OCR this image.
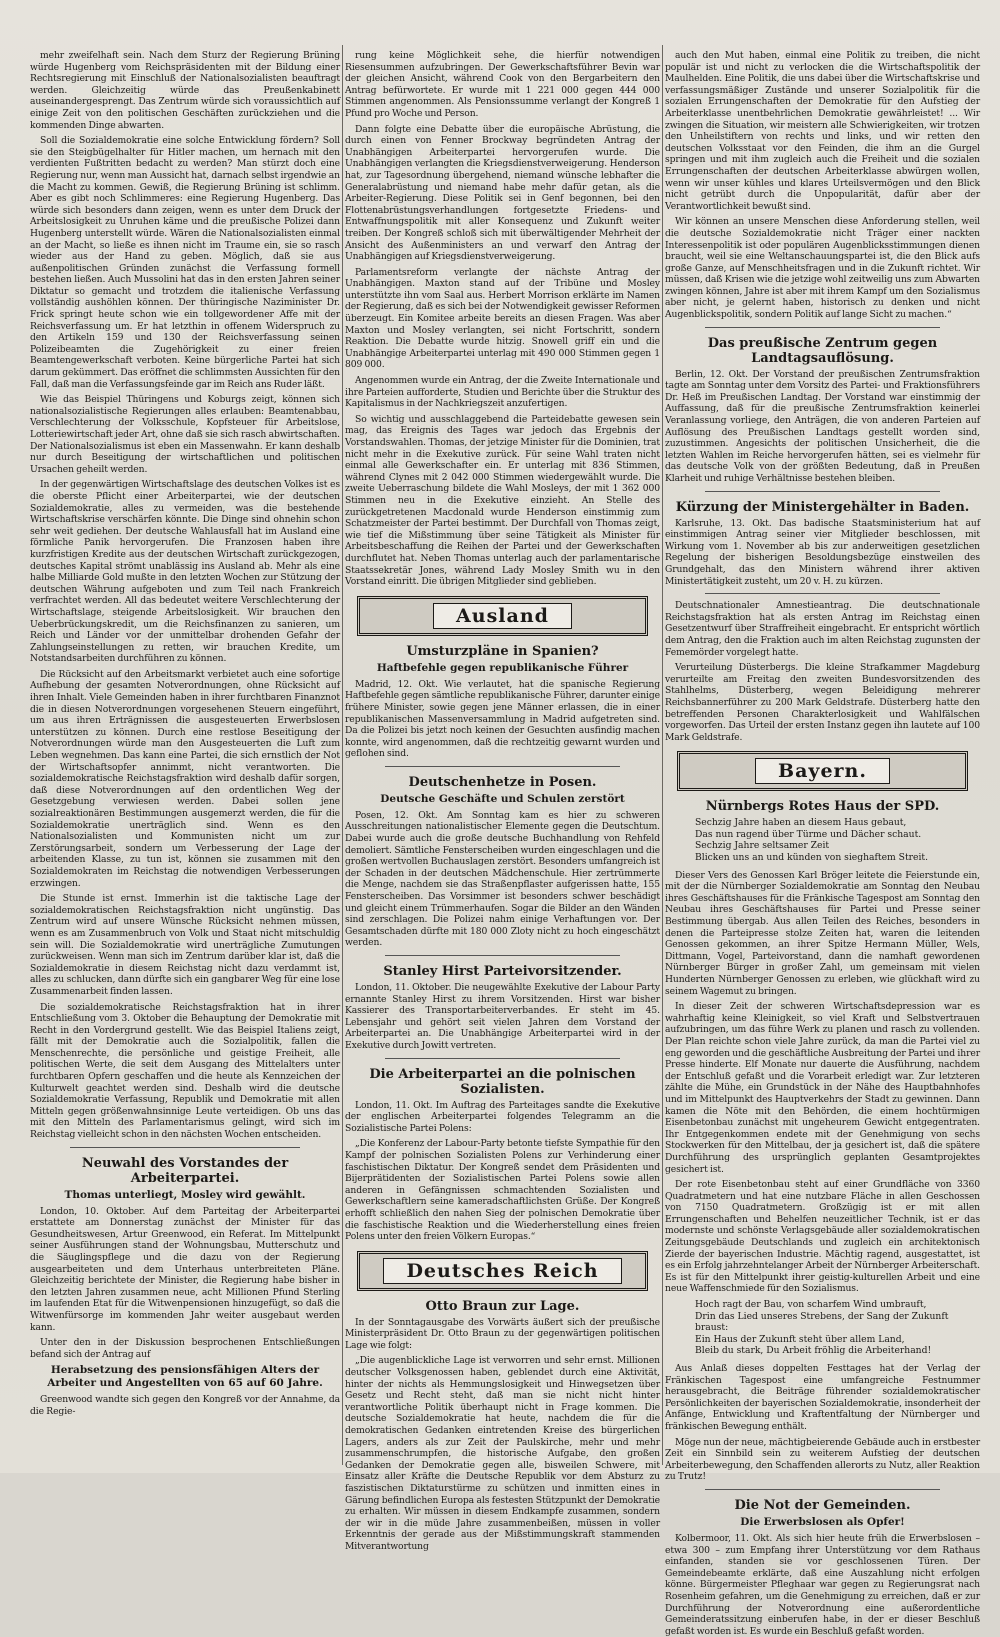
mehr zweifelhaft sein. Nach dem Sturz der Regierung Brüning würde Hugenberg vom Reichspräsidenten mit der Bildung einer Rechtsregierung mit Einschluß der Nationalsozialisten beauftragt werden. Gleichzeitig würde das Preußenkabinett auseinandergesprengt. Das Zentrum würde sich voraussichtlich auf einige Zeit von den politischen Geschäften zurückziehen und die kommenden Dinge abwarten.

Soll die Sozialdemokratie eine solche Entwicklung fördern? Soll sie den Steigbügelhalter für Hitler machen, um hernach mit den verdienten Fußtritten bedacht zu werden? Man stürzt doch eine Regierung nur, wenn man Aussicht hat, darnach selbst irgendwie an die Macht zu kommen. Gewiß, die Regierung Brüning ist schlimm. Aber es gibt noch Schlimmeres: eine Regierung Hugenberg. Das würde sich besonders dann zeigen, wenn es unter dem Druck der Arbeitslosigkeit zu Unruhen käme und die preußische Polizei dann Hugenberg unterstellt würde. Wären die Nationalsozialisten einmal an der Macht, so ließe es ihnen nicht im Traume ein, sie so rasch wieder aus der Hand zu geben. Möglich, daß sie aus außenpolitischen Gründen zunächst die Verfassung formell bestehen ließen. Auch Mussolini hat das in den ersten Jahren seiner Diktatur so gemacht und trotzdem die italienische Verfassung vollständig aushöhlen können. Der thüringische Naziminister Dr. Frick springt heute schon wie ein tollgewordener Affe mit der Reichsverfassung um. Er hat letzthin in offenem Widerspruch zu den Artikeln 159 und 130 der Reichsverfassung seinen Polizeibeamten die Zugehörigkeit zu einer freien Beamtengewerkschaft verboten. Keine bürgerliche Partei hat sich darum gekümmert. Das eröffnet die schlimmsten Aussichten für den Fall, daß man die Verfassungsfeinde gar im Reich ans Ruder läßt.

Wie das Beispiel Thüringens und Koburgs zeigt, können sich nationalsozialistische Regierungen alles erlauben: Beamtenabbau, Verschlechterung der Volksschule, Kopfsteuer für Arbeitslose, Lotteriewirtschaft jeder Art, ohne daß sie sich rasch abwirtschaften. Der Nationalsozialismus ist eben ein Massenwahn. Er kann deshalb nur durch Beseitigung der wirtschaftlichen und politischen Ursachen geheilt werden.

In der gegenwärtigen Wirtschaftslage des deutschen Volkes ist es die oberste Pflicht einer Arbeiterpartei, wie der deutschen Sozialdemokratie, alles zu vermeiden, was die bestehende Wirtschaftskrise verschärfen könnte. Die Dinge sind ohnehin schon sehr weit gediehen. Der deutsche Wahlausfall hat im Ausland eine förmliche Panik hervorgerufen. Die Franzosen haben ihre kurzfristigen Kredite aus der deutschen Wirtschaft zurückgezogen, deutsches Kapital strömt unablässig ins Ausland ab. Mehr als eine halbe Milliarde Gold mußte in den letzten Wochen zur Stützung der deutschen Währung aufgeboten und zum Teil nach Frankreich verfrachtet werden. All das bedeutet weitere Verschlechterung der Wirtschaftslage, steigende Arbeitslosigkeit. Wir brauchen den Ueberbrückungskredit, um die Reichsfinanzen zu sanieren, um Reich und Länder vor der unmittelbar drohenden Gefahr der Zahlungseinstellungen zu retten, wir brauchen Kredite, um Notstandsarbeiten durchführen zu können.

Die Rücksicht auf den Arbeitsmarkt verbietet auch eine sofortige Aufhebung der gesamten Notverordnungen, ohne Rücksicht auf ihren Inhalt. Viele Gemeinden haben in ihrer furchtbaren Finanznot die in diesen Notverordnungen vorgesehenen Steuern eingeführt, um aus ihren Erträgnissen die ausgesteuerten Erwerbslosen unterstützen zu können. Durch eine restlose Beseitigung der Notverordnungen würde man den Ausgesteuerten die Luft zum Leben wegnehmen. Das kann eine Partei, die sich ernstlich der Not der Wirtschaftsopfer annimmt, nicht verantworten. Die sozialdemokratische Reichstagsfraktion wird deshalb dafür sorgen, daß diese Notverordnungen auf den ordentlichen Weg der Gesetzgebung verwiesen werden. Dabei sollen jene sozialreaktionären Bestimmungen ausgemerzt werden, die für die Sozialdemokratie unerträglich sind. Wenn es den Nationalsozialisten und Kommunisten nicht um zur Zerstörungsarbeit, sondern um Verbesserung der Lage der arbeitenden Klasse, zu tun ist, können sie zusammen mit den Sozialdemokraten im Reichstag die notwendigen Verbesserungen erzwingen.

Die Stunde ist ernst. Immerhin ist die taktische Lage der sozialdemokratischen Reichstagsfraktion nicht ungünstig. Das Zentrum wird auf unsere Wünsche Rücksicht nehmen müssen, wenn es am Zusammenbruch von Volk und Staat nicht mitschuldig sein will. Die Sozialdemokratie wird unerträgliche Zumutungen zurückweisen. Wenn man sich im Zentrum darüber klar ist, daß die Sozialdemokratie in diesem Reichstag nicht dazu verdammt ist, alles zu schlucken, dann dürfte sich ein gangbarer Weg für eine lose Zusammenarbeit finden lassen.

Die sozialdemokratische Reichstagsfraktion hat in ihrer Entschließung vom 3. Oktober die Behauptung der Demokratie mit Recht in den Vordergrund gestellt. Wie das Beispiel Italiens zeigt, fällt mit der Demokratie auch die Sozialpolitik, fallen die Menschenrechte, die persönliche und geistige Freiheit, alle politischen Werte, die seit dem Ausgang des Mittelalters unter furchtbaren Opfern geschaffen und die heute als Kennzeichen der Kulturwelt geachtet werden sind. Deshalb wird die deutsche Sozialdemokratie Verfassung, Republik und Demokratie mit allen Mitteln gegen größenwahnsinnige Leute verteidigen. Ob uns das mit den Mitteln des Parlamentarismus gelingt, wird sich im Reichstag vielleicht schon in den nächsten Wochen entscheiden.

Neuwahl des Vorstandes der Arbeiterpartei.
Thomas unterliegt, Mosley wird gewählt.

London, 10. Oktober. Auf dem Parteitag der Arbeiterpartei erstattete am Donnerstag zunächst der Minister für das Gesundheitswesen, Artur Greenwood, ein Referat. Im Mittelpunkt seiner Ausführungen stand der Wohnungsbau, Mutterschutz und die Säuglingspflege und die dazu von der Regierung ausgearbeiteten und dem Unterhaus unterbreiteten Pläne. Gleichzeitig berichtete der Minister, die Regierung habe bisher in den letzten Jahren zusammen neue, acht Millionen Pfund Sterling im laufenden Etat für die Witwenpensionen hinzugefügt, so daß die Witwenfürsorge im kommenden Jahr weiter ausgebaut werden kann.

Unter den in der Diskussion besprochenen Entschließungen befand sich der Antrag auf

Herabsetzung des pensionsfähigen Alters der Arbeiter und Angestellten von 65 auf 60 Jahre.

Greenwood wandte sich gegen den Kongreß vor der Annahme, da die Regie-

rung keine Möglichkeit sehe, die hierfür notwendigen Riesensummen aufzubringen. Der Gewerkschaftsführer Bevin war der gleichen Ansicht, während Cook von den Bergarbeitern den Antrag befürwortete. Er wurde mit 1 221 000 gegen 444 000 Stimmen angenommen. Als Pensionssumme verlangt der Kongreß 1 Pfund pro Woche und Person.

Dann folgte eine Debatte über die europäische Abrüstung, die durch einen von Fenner Brockway begründeten Antrag der Unabhängigen Arbeiterpartei hervorgerufen wurde. Die Unabhängigen verlangten die Kriegsdienstverweigerung. Henderson hat, zur Tagesordnung übergehend, niemand wünsche lebhafter die Generalabrüstung und niemand habe mehr dafür getan, als die Arbeiter-Regierung. Diese Politik sei in Genf begonnen, bei den Flottenabrüstungsverhandlungen fortgesetzte Friedens- und Entwaffnungspolitik mit aller Konsequenz und Zukunft weiter treiben. Der Kongreß schloß sich mit überwältigender Mehrheit der Ansicht des Außenministers an und verwarf den Antrag der Unabhängigen auf Kriegsdienstverweigerung.

Parlamentsreform verlangte der nächste Antrag der Unabhängigen. Maxton stand auf der Tribüne und Mosley unterstützte ihn vom Saal aus. Herbert Morrison erklärte im Namen der Regierung, daß es sich bei der Notwendigkeit gewisser Reformen überzeugt. Ein Komitee arbeite bereits an diesen Fragen. Was aber Maxton und Mosley verlangten, sei nicht Fortschritt, sondern Reaktion. Die Debatte wurde hitzig. Snowell griff ein und die Unabhängige Arbeiterpartei unterlag mit 490 000 Stimmen gegen 1 809 000.

Angenommen wurde ein Antrag, der die Zweite Internationale und ihre Parteien aufforderte, Studien und Berichte über die Struktur des Kapitalismus in der Nachkriegszeit anzufertigen.

So wichtig und ausschlaggebend die Parteidebatte gewesen sein mag, das Ereignis des Tages war jedoch das Ergebnis der Vorstandswahlen. Thomas, der jetzige Minister für die Dominien, trat nicht mehr in die Exekutive zurück. Für seine Wahl traten nicht einmal alle Gewerkschafter ein. Er unterlag mit 836 Stimmen, während Clynes mit 2 042 000 Stimmen wiedergewählt wurde. Die zweite Ueberraschung bildete die Wahl Mosleys, der mit 1 362 000 Stimmen neu in die Exekutive einzieht. An Stelle des zurückgetretenen Macdonald wurde Henderson einstimmig zum Schatzmeister der Partei bestimmt. Der Durchfall von Thomas zeigt, wie tief die Mißstimmung über seine Tätigkeit als Minister für Arbeitsbeschaffung die Reihen der Partei und der Gewerkschaften durchflutet hat. Neben Thomas unterlag auch der parlamentarische Staatssekretär Jones, während Lady Mosley Smith wu in den Vorstand einritt. Die übrigen Mitglieder sind geblieben.

Ausland
Umsturzpläne in Spanien?
Haftbefehle gegen republikanische Führer

Madrid, 12. Okt. Wie verlautet, hat die spanische Regierung Haftbefehle gegen sämtliche republikanische Führer, darunter einige frühere Minister, sowie gegen jene Männer erlassen, die in einer republikanischen Massenversammlung in Madrid aufgetreten sind. Da die Polizei bis jetzt noch keinen der Gesuchten ausfindig machen konnte, wird angenommen, daß die rechtzeitig gewarnt wurden und geflohen sind.

Deutschenhetze in Posen.
Deutsche Geschäfte und Schulen zerstört

Posen, 12. Okt. Am Sonntag kam es hier zu schweren Ausschreitungen nationalistischer Elemente gegen die Deutschtum. Dabei wurde auch die große deutsche Buchhandlung von Rehfeld demoliert. Sämtliche Fensterscheiben wurden eingeschlagen und die großen wertvollen Buchauslagen zerstört. Besonders umfangreich ist der Schaden in der deutschen Mädchenschule. Hier zertrümmerte die Menge, nachdem sie das Straßenpflaster aufgerissen hatte, 155 Fensterscheiben. Das Vorsimmer ist besonders schwer beschädigt und gleicht einem Trümmerhaufen. Sogar die Bilder an den Wänden sind zerschlagen. Die Polizei nahm einige Verhaftungen vor. Der Gesamtschaden dürfte mit 180 000 Zloty nicht zu hoch eingeschätzt werden.

Stanley Hirst Parteivorsitzender.

London, 11. Oktober. Die neugewählte Exekutive der Labour Party ernannte Stanley Hirst zu ihrem Vorsitzenden. Hirst war bisher Kassierer des Transportarbeiterverbandes. Er steht im 45. Lebensjahr und gehört seit vielen Jahren dem Vorstand der Arbeiterpartei an. Die Unabhängige Arbeiterpartei wird in der Exekutive durch Jowitt vertreten.

Die Arbeiterpartei an die polnischen Sozialisten.

London, 11. Okt. Im Auftrag des Parteitages sandte die Exekutive der englischen Arbeiterpartei folgendes Telegramm an die Sozialistische Partei Polens:

„Die Konferenz der Labour-Party betonte tiefste Sympathie für den Kampf der polnischen Sozialisten Polens zur Verhinderung einer faschistischen Diktatur. Der Kongreß sendet dem Präsidenten und Bijerprätidenten der Sozialistischen Partei Polens sowie allen anderen in Gefängnissen schmachtenden Sozialisten und Gewerkschaftlern seine kameradschaftlichsten Grüße. Der Kongreß erhofft schließlich den nahen Sieg der polnischen Demokratie über die faschistische Reaktion und die Wiederherstellung eines freien Polens unter den freien Völkern Europas.“

Deutsches Reich
Otto Braun zur Lage.

In der Sonntagausgabe des Vorwärts äußert sich der preußische Ministerpräsident Dr. Otto Braun zu der gegenwärtigen politischen Lage wie folgt:

„Die augenblickliche Lage ist verworren und sehr ernst. Millionen deutscher Volksgenossen haben, geblendet durch eine Aktivität, hinter der nichts als Hemmungslosigkeit und Hinwegsetzen über Gesetz und Recht steht, daß man sie nicht nicht hinter verantwortliche Politik überhaupt nicht in Frage kommen. Die deutsche Sozialdemokratie hat heute, nachdem die für die demokratischen Gedanken eintretenden Kreise des bürgerlichen Lagers, anders als zur Zeit der Paulskirche, mehr und mehr zusammenschrumpfen, die historische Aufgabe, den großen Gedanken der Demokratie gegen alle, bisweilen Schwere, mit Einsatz aller Kräfte die Deutsche Republik vor dem Absturz zu faszistischen Diktaturstürme zu schützen und inmitten eines in Gärung befindlichen Europa als festesten Stützpunkt der Demokratie zu erhalten. Wir müssen in diesem Endkampfe zusammen, sondern der wir in die müde Jahre zusammenbeißen, müssen in voller Erkenntnis der gerade aus der Mißstimmungskraft stammenden Mitverantwortung

auch den Mut haben, einmal eine Politik zu treiben, die nicht populär ist und nicht zu verlocken die die Wirtschaftspolitik der Maulhelden. Eine Politik, die uns dabei über die Wirtschaftskrise und verfassungsmäßiger Zustände und unserer Sozialpolitik für die sozialen Errungenschaften der Demokratie für den Aufstieg der Arbeiterklasse unentbehrlichen Demokratie gewährleistet! ... Wir zwingen die Situation, wir meistern alle Schwierigkeiten, wir trotzen den Unheilstiftern von rechts und links, und wir retten den deutschen Volksstaat vor den Feinden, die ihm an die Gurgel springen und mit ihm zugleich auch die Freiheit und die sozialen Errungenschaften der deutschen Arbeiterklasse abwürgen wollen, wenn wir unser kühles und klares Urteilsvermögen und den Blick nicht getrübt durch die Unpopularität, dafür aber der Verantwortlichkeit bewußt sind.

Wir können an unsere Menschen diese Anforderung stellen, weil die deutsche Sozialdemokratie nicht Träger einer nackten Interessenpolitik ist oder populären Augenblicksstimmungen dienen braucht, weil sie eine Weltanschauungspartei ist, die den Blick aufs große Ganze, auf Menschheitsfragen und in die Zukunft richtet. Wir müssen, daß Krisen wie die jetzige wohl zeitweilig uns zum Abwarten zwingen können, Jahre ist aber mit ihrem Kampf um den Sozialismus aber nicht, je gelernt haben, historisch zu denken und nicht Augenblickspolitik, sondern Politik auf lange Sicht zu machen.“

Das preußische Zentrum gegen Landtagsauflösung.

Berlin, 12. Okt. Der Vorstand der preußischen Zentrumsfraktion tagte am Sonntag unter dem Vorsitz des Partei- und Fraktionsführers Dr. Heß im Preußischen Landtag. Der Vorstand war einstimmig der Auffassung, daß für die preußische Zentrumsfraktion keinerlei Veranlassung vorliege, den Anträgen, die von anderen Parteien auf Auflösung des Preußischen Landtags gestellt worden sind, zuzustimmen. Angesichts der politischen Unsicherheit, die die letzten Wahlen im Reiche hervorgerufen hätten, sei es vielmehr für das deutsche Volk von der größten Bedeutung, daß in Preußen Klarheit und ruhige Verhältnisse bestehen bleiben.

Kürzung der Ministergehälter in Baden.

Karlsruhe, 13. Okt. Das badische Staatsministerium hat auf einstimmigen Antrag seiner vier Mitglieder beschlossen, mit Wirkung vom 1. November ab bis zur anderweitigen gesetzlichen Regelung der bisherigen Besoldungsbezüge einstweilen des Grundgehalt, das den Ministern während ihrer aktiven Ministertätigkeit zusteht, um 20 v. H. zu kürzen.

Deutschnationaler Amnestieantrag. Die deutschnationale Reichstagsfraktion hat als ersten Antrag im Reichstag einen Gesetzentwurf über Straffreiheit eingebracht. Er entspricht wörtlich dem Antrag, den die Fraktion auch im alten Reichstag zugunsten der Fememörder vorgelegt hatte.

Verurteilung Düsterbergs. Die kleine Strafkammer Magdeburg verurteilte am Freitag den zweiten Bundesvorsitzenden des Stahlhelms, Düsterberg, wegen Beleidigung mehrerer Reichsbannerführer zu 200 Mark Geldstrafe. Düsterberg hatte den betreffenden Personen Charakterlosigkeit und Wahlfälschen vorgeworfen. Das Urteil der ersten Instanz gegen ihn lautete auf 100 Mark Geldstrafe.

Bayern.
Nürnbergs Rotes Haus der SPD.
Sechzig Jahre haben an diesem Haus gebaut,
Das nun ragend über Türme und Dächer schaut.
Sechzig Jahre seltsamer Zeit
Blicken uns an und künden von sieghaftem Streit.

Dieser Vers des Genossen Karl Bröger leitete die Feierstunde ein, mit der die Nürnberger Sozialdemokratie am Sonntag den Neubau ihres Geschäftshauses für die Fränkische Tagespost am Sonntag den Neubau ihres Geschäftshauses für Partei und Presse seiner Bestimmung übergab. Aus allen Teilen des Reiches, besonders in denen die Parteipresse stolze Zeiten hat, waren die leitenden Genossen gekommen, an ihrer Spitze Hermann Müller, Wels, Dittmann, Vogel, Parteivorstand, dann die namhaft gewordenen Nürnberger Bürger in großer Zahl, um gemeinsam mit vielen Hunderten Nürnberger Genossen zu erleben, wie glückhaft wird zu seinem Wagemut zu bringen.

In dieser Zeit der schweren Wirtschaftsdepression war es wahrhaftig keine Kleinigkeit, so viel Kraft und Selbstvertrauen aufzubringen, um das führe Werk zu planen und rasch zu vollenden. Der Plan reichte schon viele Jahre zurück, da man die Partei viel zu eng geworden und die geschäftliche Ausbreitung der Partei und ihrer Presse hinderte. Elf Monate nur dauerte die Ausführung, nachdem der Entschluß gefaßt und die Vorarbeit erledigt war. Zur letzteren zählte die Mühe, ein Grundstück in der Nähe des Hauptbahnhofes und im Mittelpunkt des Hauptverkehrs der Stadt zu gewinnen. Dann kamen die Nöte mit den Behörden, die einem hochtürmigen Eisenbetonbau zunächst mit ungeheurem Gewicht entgegentraten. Ihr Entgegenkommen endete mit der Genehmigung von sechs Stockwerken für den Mittelbau, der ja gesichert ist, daß die spätere Durchführung des ursprünglich geplanten Gesamtprojektes gesichert ist.

Der rote Eisenbetonbau steht auf einer Grundfläche von 3360 Quadratmetern und hat eine nutzbare Fläche in allen Geschossen von 7150 Quadratmetern. Großzügig ist er mit allen Errungenschaften und Behelfen neuzeitlicher Technik, ist er das modernste und schönste Verlagsgebäude aller sozialdemokratischen Zeitungsgebäude Deutschlands und zugleich ein architektonisch Zierde der bayerischen Industrie. Mächtig ragend, ausgestattet, ist es ein Erfolg jahrzehntelanger Arbeit der Nürnberger Arbeiterschaft. Es ist für den Mittelpunkt ihrer geistig-kulturellen Arbeit und eine neue Waffenschmiede für den Sozialismus.

Hoch ragt der Bau, von scharfem Wind umbrauft,
Drin das Lied unseres Strebens, der Sang der Zukunft braust:
Ein Haus der Zukunft steht über allem Land,
Bleib du stark, Du Arbeit fröhlig die Arbeiterhand!

Aus Anlaß dieses doppelten Festtages hat der Verlag der Fränkischen Tagespost eine umfangreiche Festnummer herausgebracht, die Beiträge führender sozialdemokratischer Persönlichkeiten der bayerischen Sozialdemokratie, insonderheit der Anfänge, Entwicklung und Kraftentfaltung der Nürnberger und fränkischen Bewegung enthält.

Möge nun der neue, mächtigbeierende Gebäude auch in erstbester Zeit ein Sinnbild sein zu weiterem Aufstieg der deutschen Arbeiterbewegung, den Schaffenden allerorts zu Nutz, aller Reaktion zu Trutz!

Die Not der Gemeinden.
Die Erwerbslosen als Opfer!

Kolbermoor, 11. Okt. Als sich hier heute früh die Erwerbslosen – etwa 300 – zum Empfang ihrer Unterstützung vor dem Rathaus einfanden, standen sie vor geschlossenen Türen. Der Gemeindebeamte erklärte, daß eine Auszahlung nicht erfolgen könne. Bürgermeister Pfleghaar war gegen zu Regierungsrat nach Rosenheim gefahren, um die Genehmigung zu erreichen, daß er zur Durchführung der Notverordnung eine außerordentliche Gemeinderatssitzung einberufen habe, in der er dieser Beschluß gefaßt worden ist. Es wurde ein Beschluß gefaßt worden.
